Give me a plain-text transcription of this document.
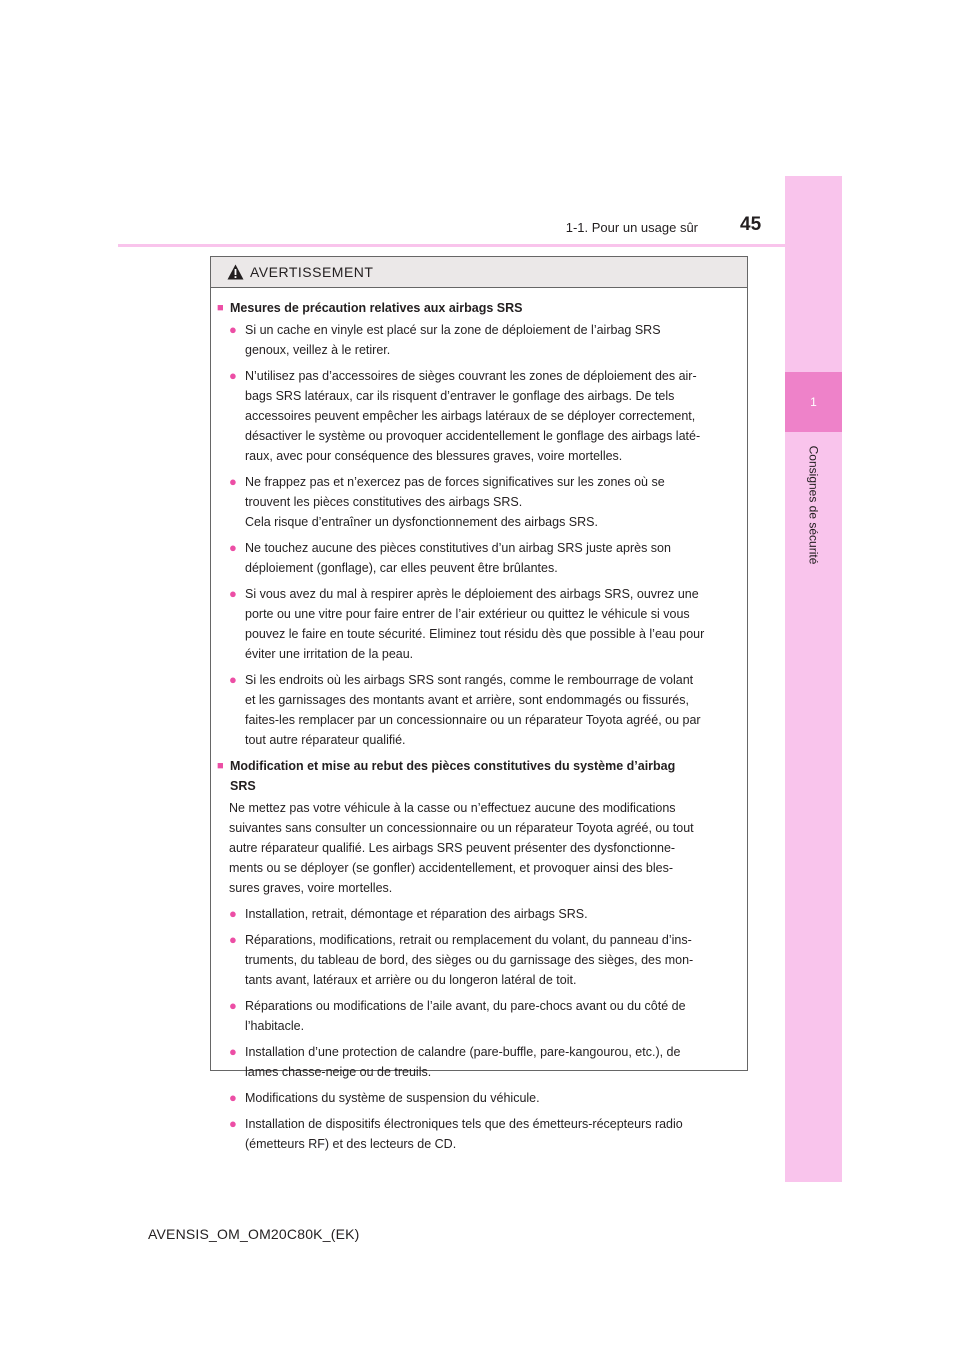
1
Consignes de sécurité
1-1. Pour un usage sûr 45
AVERTISSEMENT
■ Mesures de précaution relatives aux airbags SRS
● Si un cache en vinyle est placé sur la zone de déploiement de l’airbag SRS
genoux, veillez à le retirer.
● N’utilisez pas d’accessoires de sièges couvrant les zones de déploiement des air-
bags SRS latéraux, car ils risquent d’entraver le gonflage des airbags. De tels
accessoires peuvent empêcher les airbags latéraux de se déployer correctement,
désactiver le système ou provoquer accidentellement le gonflage des airbags laté-
raux, avec pour conséquence des blessures graves, voire mortelles.
● Ne frappez pas et n’exercez pas de forces significatives sur les zones où se
trouvent les pièces constitutives des airbags SRS.
Cela risque d’entraîner un dysfonctionnement des airbags SRS.
● Ne touchez aucune des pièces constitutives d’un airbag SRS juste après son
déploiement (gonflage), car elles peuvent être brûlantes.
● Si vous avez du mal à respirer après le déploiement des airbags SRS, ouvrez une
porte ou une vitre pour faire entrer de l’air extérieur ou quittez le véhicule si vous
pouvez le faire en toute sécurité. Eliminez tout résidu dès que possible à l’eau pour
éviter une irritation de la peau.
● Si les endroits où les airbags SRS sont rangés, comme le rembourrage de volant
et les garnissages des montants avant et arrière, sont endommagés ou fissurés,
faites-les remplacer par un concessionnaire ou un réparateur Toyota agréé, ou par
tout autre réparateur qualifié.
■ Modification et mise au rebut des pièces constitutives du système d’airbag
SRS
Ne mettez pas votre véhicule à la casse ou n’effectuez aucune des modifications
suivantes sans consulter un concessionnaire ou un réparateur Toyota agréé, ou tout
autre réparateur qualifié. Les airbags SRS peuvent présenter des dysfonctionne-
ments ou se déployer (se gonfler) accidentellement, et provoquer ainsi des bles-
sures graves, voire mortelles.
● Installation, retrait, démontage et réparation des airbags SRS.
● Réparations, modifications, retrait ou remplacement du volant, du panneau d’ins-
truments, du tableau de bord, des sièges ou du garnissage des sièges, des mon-
tants avant, latéraux et arrière ou du longeron latéral de toit.
● Réparations ou modifications de l’aile avant, du pare-chocs avant ou du côté de
l’habitacle.
● Installation d’une protection de calandre (pare-buffle, pare-kangourou, etc.), de
lames chasse-neige ou de treuils.
● Modifications du système de suspension du véhicule.
● Installation de dispositifs électroniques tels que des émetteurs-récepteurs radio
(émetteurs RF) et des lecteurs de CD.
AVENSIS_OM_OM20C80K_(EK)
